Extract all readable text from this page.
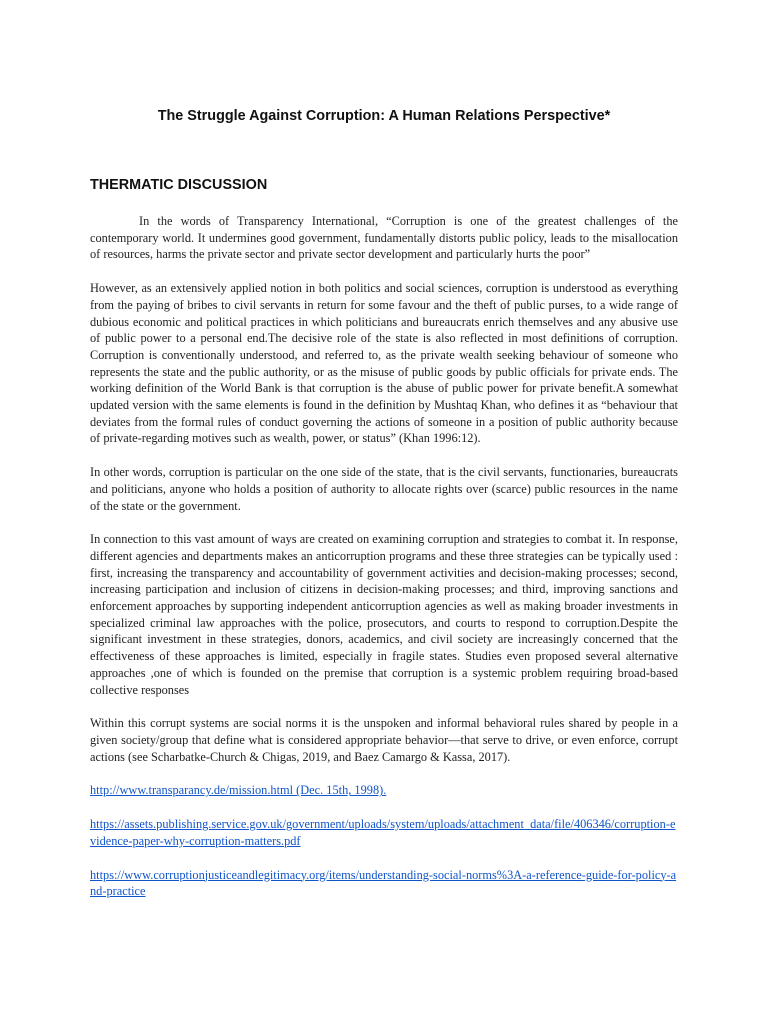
The Struggle Against Corruption: A Human Relations Perspective*
THERMATIC DISCUSSION

In the words of Transparency International, “Corruption is one of the greatest challenges of the contemporary world. It undermines good government, fundamentally distorts public policy, leads to the misallocation of resources, harms the private sector and private sector development and particularly hurts the poor”

However, as an extensively applied notion in both politics and social sciences, corruption is understood as everything from the paying of bribes to civil servants in return for some favour and the theft of public purses, to a wide range of dubious economic and political practices in which politicians and bureaucrats enrich themselves and any abusive use of public power to a personal end.The decisive role of the state is also reflected in most definitions of corruption. Corruption is conventionally understood, and referred to, as the private wealth seeking behaviour of someone who represents the state and the public authority, or as the misuse of public goods by public officials for private ends. The working definition of the World Bank is that corruption is the abuse of public power for private benefit.A somewhat updated version with the same elements is found in the definition by Mushtaq Khan, who defines it as “behaviour that deviates from the formal rules of conduct governing the actions of someone in a position of public authority because of private-regarding motives such as wealth, power, or status” (Khan 1996:12).

In other words, corruption is particular on the one side of the state, that is the civil servants, functionaries, bureaucrats and politicians, anyone who holds a position of authority to allocate rights over (scarce) public resources in the name of the state or the government.

In connection to this vast amount of ways are created on examining corruption and strategies to combat it. In response, different agencies and departments makes an anticorruption programs and these three strategies can be typically used : first, increasing the transparency and accountability of government activities and decision-making processes; second, increasing participation and inclusion of citizens in decision-making processes; and third, improving sanctions and enforcement approaches by supporting independent anticorruption agencies as well as making broader investments in specialized criminal law approaches with the police, prosecutors, and courts to respond to corruption.Despite the significant investment in these strategies, donors, academics, and civil society are increasingly concerned that the effectiveness of these approaches is limited, especially in fragile states. Studies even proposed several alternative approaches ,one of which is founded on the premise that corruption is a systemic problem requiring broad-based collective responses

Within this corrupt systems are social norms it is the unspoken and informal behavioral rules shared by people in a given society/group that define what is considered appropriate behavior—that serve to drive, or even enforce, corrupt actions (see Scharbatke-Church & Chigas, 2019, and Baez Camargo & Kassa, 2017).

http://www.transparancy.de/mission.html (Dec. 15th, 1998).

https://assets.publishing.service.gov.uk/government/uploads/system/uploads/attachment_data/file/406346/corruption-evidence-paper-why-corruption-matters.pdf

https://www.corruptionjusticeandlegitimacy.org/items/understanding-social-norms%3A-a-reference-guide-for-policy-and-practice
